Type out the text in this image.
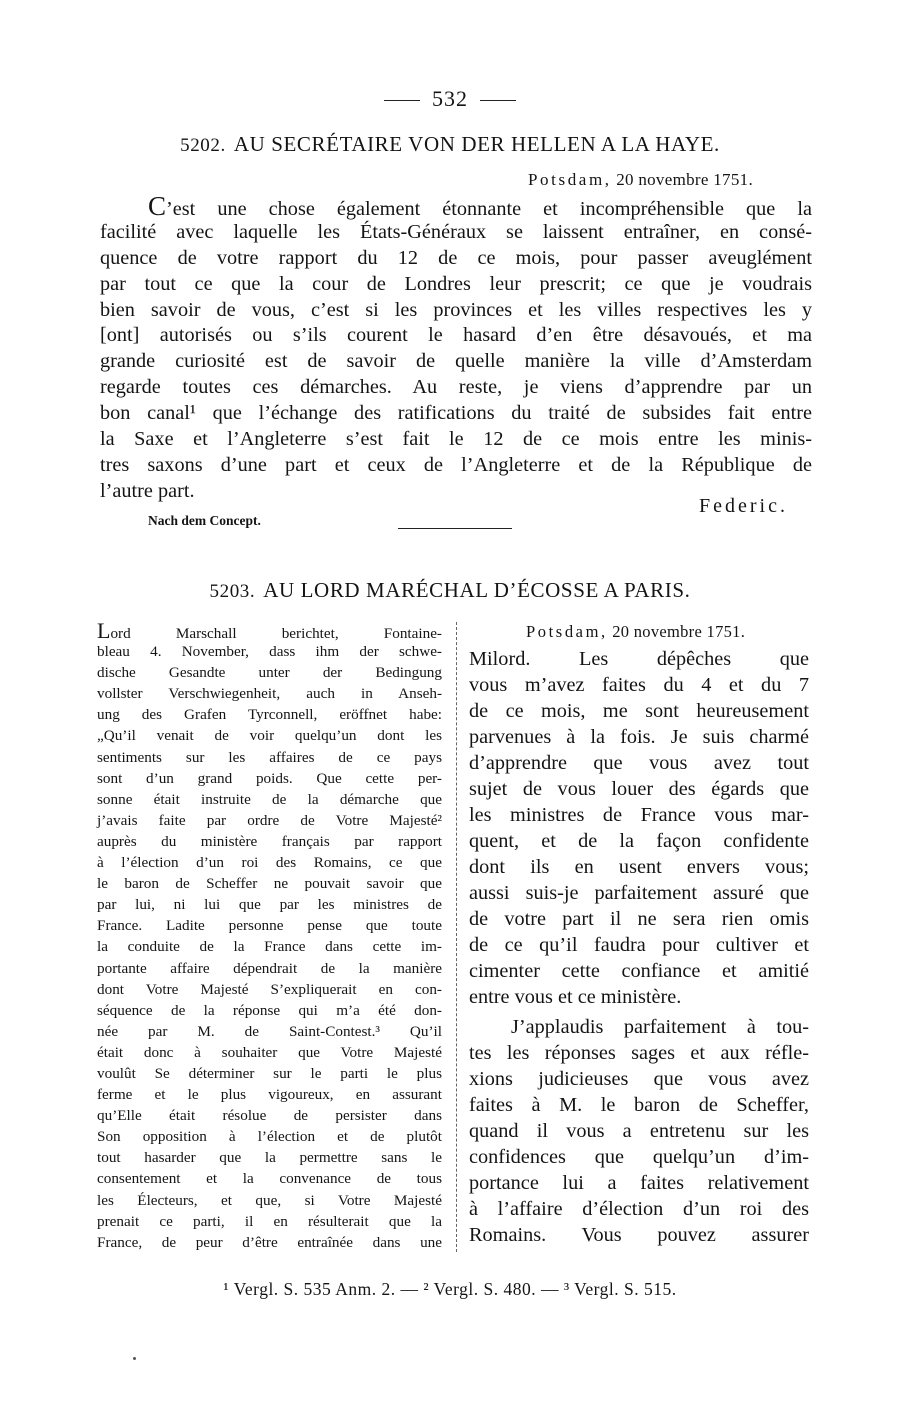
532
5202. AU SECRÉTAIRE VON DER HELLEN A LA HAYE.
Potsdam, 20 novembre 1751.
C’est une chose également étonnante et incompréhensible que la
facilité avec laquelle les États-Généraux se laissent entraîner, en consé-
quence de votre rapport du 12 de ce mois, pour passer aveuglément
par tout ce que la cour de Londres leur prescrit; ce que je voudrais
bien savoir de vous, c’est si les provinces et les villes respectives les y
[ont] autorisés ou s’ils courent le hasard d’en être désavoués, et ma
grande curiosité est de savoir de quelle manière la ville d’Amsterdam
regarde toutes ces démarches. Au reste, je viens d’apprendre par un
bon canal¹ que l’échange des ratifications du traité de subsides fait entre
la Saxe et l’Angleterre s’est fait le 12 de ce mois entre les minis-
tres saxons d’une part et ceux de l’Angleterre et de la République de
l’autre part.
Federic.
Nach dem Concept.
5203. AU LORD MARÉCHAL D’ÉCOSSE A PARIS.
Lord Marschall berichtet, Fontaine-
bleau 4. November, dass ihm der schwe-
dische Gesandte unter der Bedingung
vollster Verschwiegenheit, auch in Anseh-
ung des Grafen Tyrconnell, eröffnet habe:
„Qu’il venait de voir quelqu’un dont les
sentiments sur les affaires de ce pays
sont d’un grand poids. Que cette per-
sonne était instruite de la démarche que
j’avais faite par ordre de Votre Majesté²
auprès du ministère français par rapport
à l’élection d’un roi des Romains, ce que
le baron de Scheffer ne pouvait savoir que
par lui, ni lui que par les ministres de
France. Ladite personne pense que toute
la conduite de la France dans cette im-
portante affaire dépendrait de la manière
dont Votre Majesté S’expliquerait en con-
séquence de la réponse qui m’a été don-
née par M. de Saint-Contest.³ Qu’il
était donc à souhaiter que Votre Majesté
voulût Se déterminer sur le parti le plus
ferme et le plus vigoureux, en assurant
qu’Elle était résolue de persister dans
Son opposition à l’élection et de plutôt
tout hasarder que la permettre sans le
consentement et la convenance de tous
les Électeurs, et que, si Votre Majesté
prenait ce parti, il en résulterait que la
France, de peur d’être entraînée dans une
Potsdam, 20 novembre 1751.
Milord. Les dépêches que
vous m’avez faites du 4 et du 7
de ce mois, me sont heureusement
parvenues à la fois. Je suis charmé
d’apprendre que vous avez tout
sujet de vous louer des égards que
les ministres de France vous mar-
quent, et de la façon confidente
dont ils en usent envers vous;
aussi suis-je parfaitement assuré que
de votre part il ne sera rien omis
de ce qu’il faudra pour cultiver et
cimenter cette confiance et amitié
entre vous et ce ministère.
J’applaudis parfaitement à tou-
tes les réponses sages et aux réfle-
xions judicieuses que vous avez
faites à M. le baron de Scheffer,
quand il vous a entretenu sur les
confidences que quelqu’un d’im-
portance lui a faites relativement
à l’affaire d’élection d’un roi des
Romains. Vous pouvez assurer
¹ Vergl. S. 535 Anm. 2. — ² Vergl. S. 480. — ³ Vergl. S. 515.
